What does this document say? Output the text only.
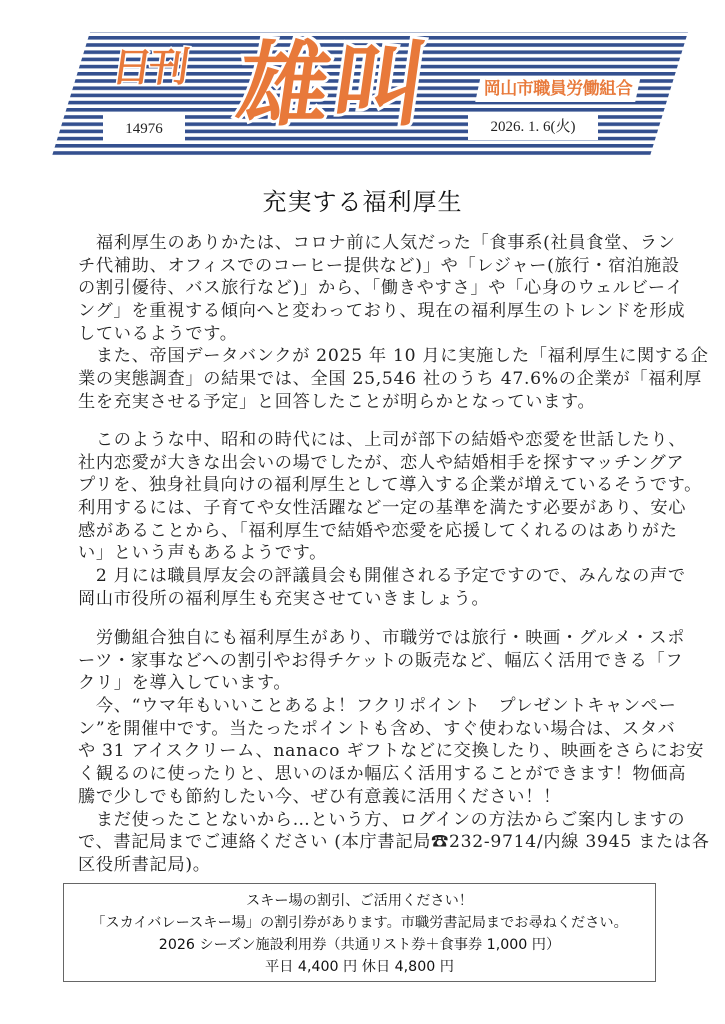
日刊 雄叫	岡山市職員労働組合
14976	2026. 1. 6(火)
充実する福利厚生
　福利厚生のありかたは、コロナ前に人気だった「食事系(社員食堂、ラン
チ代補助、オフィスでのコーヒー提供など)」や「レジャー(旅行・宿泊施設
の割引優待、バス旅行など)」から、「働きやすさ」や「心身のウェルビーイ
ング」を重視する傾向へと変わっており、現在の福利厚生のトレンドを形成
しているようです。
　また、帝国データバンクが 2025 年 10 月に実施した「福利厚生に関する企
業の実態調査」の結果では、全国 25,546 社のうち 47.6%の企業が「福利厚
生を充実させる予定」と回答したことが明らかとなっています。
　このような中、昭和の時代には、上司が部下の結婚や恋愛を世話したり、
社内恋愛が大きな出会いの場でしたが、恋人や結婚相手を探すマッチングア
プリを、独身社員向けの福利厚生として導入する企業が増えているそうです。
利用するには、子育てや女性活躍など一定の基準を満たす必要があり、安心
感があることから、「福利厚生で結婚や恋愛を応援してくれるのはありがた
い」という声もあるようです。
　2 月には職員厚友会の評議員会も開催される予定ですので、みんなの声で
岡山市役所の福利厚生も充実させていきましょう。
　労働組合独自にも福利厚生があり、市職労では旅行・映画・グルメ・スポ
ーツ・家事などへの割引やお得チケットの販売など、幅広く活用できる「フ
クリ」を導入しています。
　今、“ウマ年もいいことあるよ！フクリポイント　プレゼントキャンペー
ン”を開催中です。当たったポイントも含め、すぐ使わない場合は、スタバ
や 31 アイスクリーム、nanaco ギフトなどに交換したり、映画をさらにお安
く観るのに使ったりと、思いのほか幅広く活用することができます！物価高
騰で少しでも節約したい今、ぜひ有意義に活用ください！！
　まだ使ったことないから…という方、ログインの方法からご案内しますの
で、書記局までご連絡ください (本庁書記局☎232-9714/内線 3945 または各
区役所書記局)。
スキー場の割引、ご活用ください！
「スカイバレースキー場」の割引券があります。市職労書記局までお尋ねください。
2026 シーズン施設利用券（共通リスト券＋食事券 1,000 円）
平日 4,400 円 休日 4,800 円
